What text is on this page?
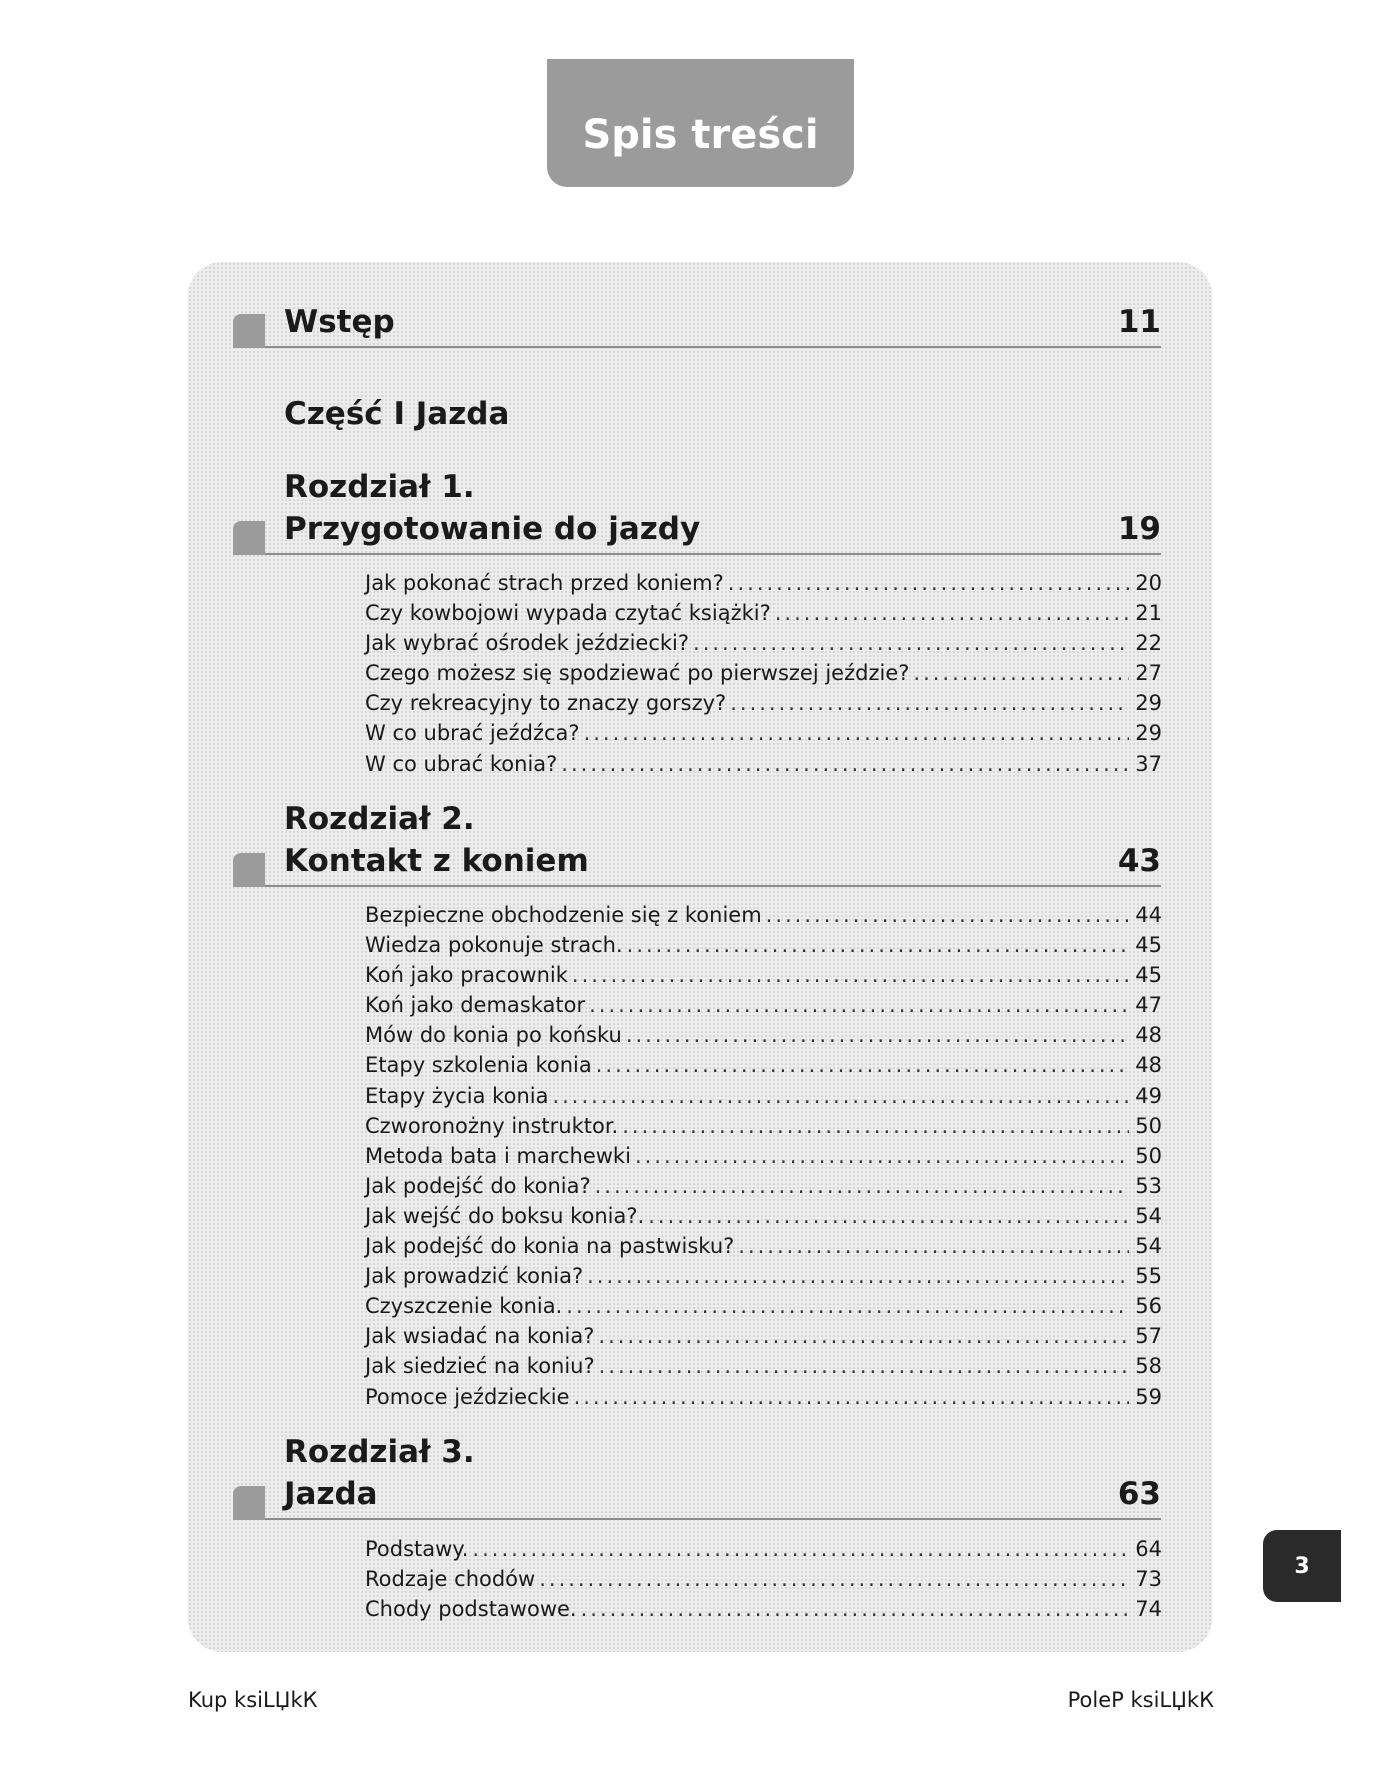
Spis treści
Wstęp	11
Część I Jazda
Rozdział 1.
Przygotowanie do jazdy	19
Jak pokonać strach przed koniem? .....	20
Czy kowbojowi wypada czytać książki? .....	21
Jak wybrać ośrodek jeździecki? .....	22
Czego możesz się spodziewać po pierwszej jeździe? .....	27
Czy rekreacyjny to znaczy gorszy? .....	29
W co ubrać jeźdźca? .....	29
W co ubrać konia? .....	37
Rozdział 2.
Kontakt z koniem	43
Bezpieczne obchodzenie się z koniem .....	44
Wiedza pokonuje strach. .....	45
Koń jako pracownik .....	45
Koń jako demaskator .....	47
Mów do konia po końsku .....	48
Etapy szkolenia konia .....	48
Etapy życia konia .....	49
Czworonożny instruktor. .....	50
Metoda bata i marchewki .....	50
Jak podejść do konia? .....	53
Jak wejść do boksu konia?. .....	54
Jak podejść do konia na pastwisku? .....	54
Jak prowadzić konia? .....	55
Czyszczenie konia. .....	56
Jak wsiadać na konia? .....	57
Jak siedzieć na koniu? .....	58
Pomoce jeździeckie .....	59
Rozdział 3.
Jazda	63
Podstawy. .....	64
Rodzaje chodów .....	73
Chody podstawowe. .....	74
3
Kup ksiLЏkК	PoleР ksiLЏkК
